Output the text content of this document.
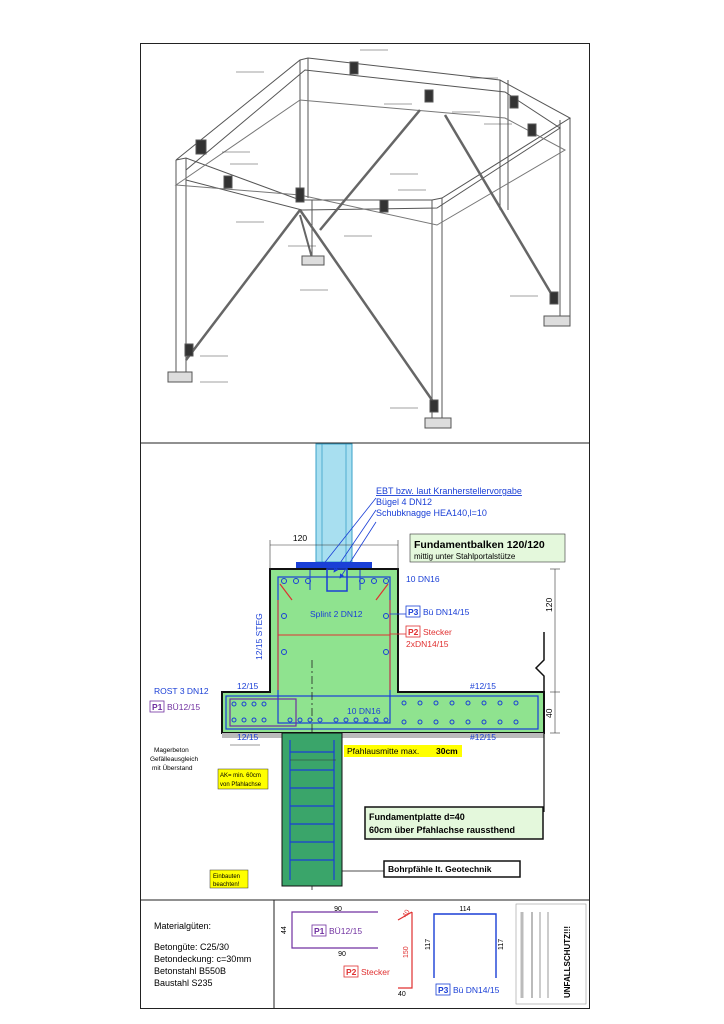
EBT bzw. laut Kranherstellervorgabe
Bügel 4 DN12
Schubknagge HEA140,l=10
120
Fundamentbalken 120/120
mittig unter Stahlportalstütze
10 DN16
12/15 STEG	Splint 2 DN12	P3 Bü DN14/15
P2 Stecker
2xDN14/15
120
ROST 3 DN12
P1 BÜ12/15
12/15	#12/15
10 DN16	40
12/15	#12/15
Magerbeton
Gefälleausgleich
mit Überstand
Pfahlausmitte max. 30cm
AK= min. 60cm
von Pfahlachse
Fundamentplatte d=40
60cm über Pfahlachse raussthend
Bohrpfähle lt. Geotechnik
Einbauten
beachten!
90
44
90
P1 BÜ12/15
40
150
40
P2 Stecker
114
117	117
P3 Bü DN14/15	UNFALLSCHUTZ!!!
Materialgüten:
Betongüte: C25/30
Betondeckung: c=30mm
Betonstahl B550B
Baustahl S235
